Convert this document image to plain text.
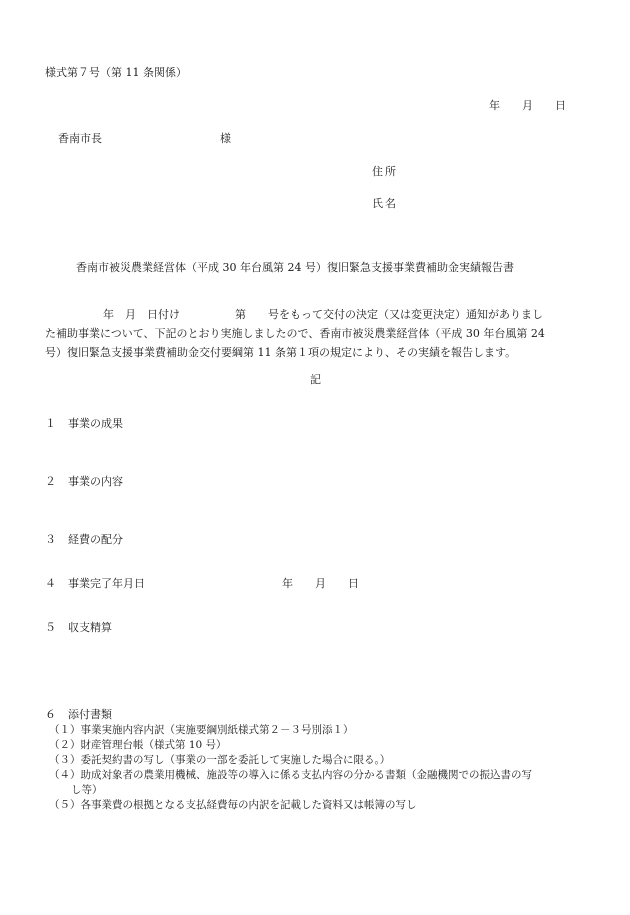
様式第７号（第 11 条関係）
年　　月　　日
香南市長	様
住所
氏名
香南市被災農業経営体（平成 30 年台風第 24 号）復旧緊急支援事業費補助金実績報告書
年　月　日付け　　　　　第　　号をもって交付の決定（又は変更決定）通知がありまし
た補助事業について、下記のとおり実施しましたので、香南市被災農業経営体（平成 30 年台風第 24
号）復旧緊急支援事業費補助金交付要綱第 11 条第１項の規定により、その実績を報告します。
記
１ 事業の成果
２ 事業の内容
３ 経費の配分
４ 事業完了年月日	年　　月　　日
５ 収支精算
６ 添付書類
（１）事業実施内容内訳（実施要綱別紙様式第２－３号別添１）
（２）財産管理台帳（様式第 10 号）
（３）委託契約書の写し（事業の一部を委託して実施した場合に限る。）
（４）助成対象者の農業用機械、施設等の導入に係る支払内容の分かる書類（金融機関での振込書の写
し等）
（５）各事業費の根拠となる支払経費毎の内訳を記載した資料又は帳簿の写し
